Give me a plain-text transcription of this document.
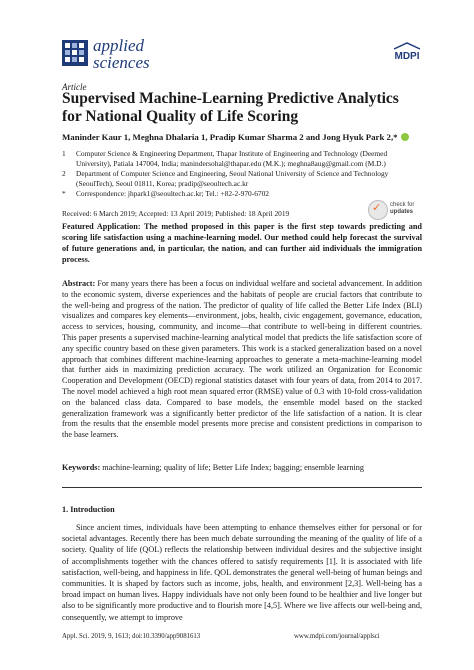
applied
sciences	MDPI
Article
Supervised Machine-Learning Predictive Analytics for National Quality of Life Scoring
Maninder Kaur 1, Meghna Dhalaria 1, Pradip Kumar Sharma 2 and Jong Hyuk Park 2,*
1	Computer Science & Engineering Department, Thapar Institute of Engineering and Technology (Deemed University), Patiala 147004, India; manindersohal@thapar.edu (M.K.); meghna8aug@gmail.com (M.D.)
2	Department of Computer Science and Engineering, Seoul National University of Science and Technology (SeoulTech), Seoul 01811, Korea; pradip@seoultech.ac.kr
*	Correspondence: jhpark1@seoultech.ac.kr; Tel.: +82-2-970-6702
Received: 6 March 2019; Accepted: 13 April 2019; Published: 18 April 2019	✓ check for
updates
Featured Application: The method proposed in this paper is the first step towards predicting and scoring life satisfaction using a machine-learning model. Our method could help forecast the survival of future generations and, in particular, the nation, and can further aid individuals the immigration process.
Abstract: For many years there has been a focus on individual welfare and societal advancement. In addition to the economic system, diverse experiences and the habitats of people are crucial factors that contribute to the well-being and progress of the nation. The predictor of quality of life called the Better Life Index (BLI) visualizes and compares key elements—environment, jobs, health, civic engagement, governance, education, access to services, housing, community, and income—that contribute to well-being in different countries. This paper presents a supervised machine-learning analytical model that predicts the life satisfaction score of any specific country based on these given parameters. This work is a stacked generalization based on a novel approach that combines different machine-learning approaches to generate a meta-machine-learning model that further aids in maximizing prediction accuracy. The work utilized an Organization for Economic Cooperation and Development (OECD) regional statistics dataset with four years of data, from 2014 to 2017. The novel model achieved a high root mean squared error (RMSE) value of 0.3 with 10-fold cross-validation on the balanced class data. Compared to base models, the ensemble model based on the stacked generalization framework was a significantly better predictor of the life satisfaction of a nation. It is clear from the results that the ensemble model presents more precise and consistent predictions in comparison to the base learners.
Keywords: machine-learning; quality of life; Better Life Index; bagging; ensemble learning
1. Introduction
Since ancient times, individuals have been attempting to enhance themselves either for personal or for societal advantages. Recently there has been much debate surrounding the meaning of the quality of life of a society. Quality of life (QOL) reflects the relationship between individual desires and the subjective insight of accomplishments together with the chances offered to satisfy requirements [1]. It is associated with life satisfaction, well-being, and happiness in life. QOL demonstrates the general well-being of human beings and communities. It is shaped by factors such as income, jobs, health, and environment [2,3]. Well-being has a broad impact on human lives. Happy individuals have not only been found to be healthier and live longer but also to be significantly more productive and to flourish more [4,5]. Where we live affects our well-being and, consequently, we attempt to improve
Appl. Sci. 2019, 9, 1613; doi:10.3390/app9081613	www.mdpi.com/journal/applsci
